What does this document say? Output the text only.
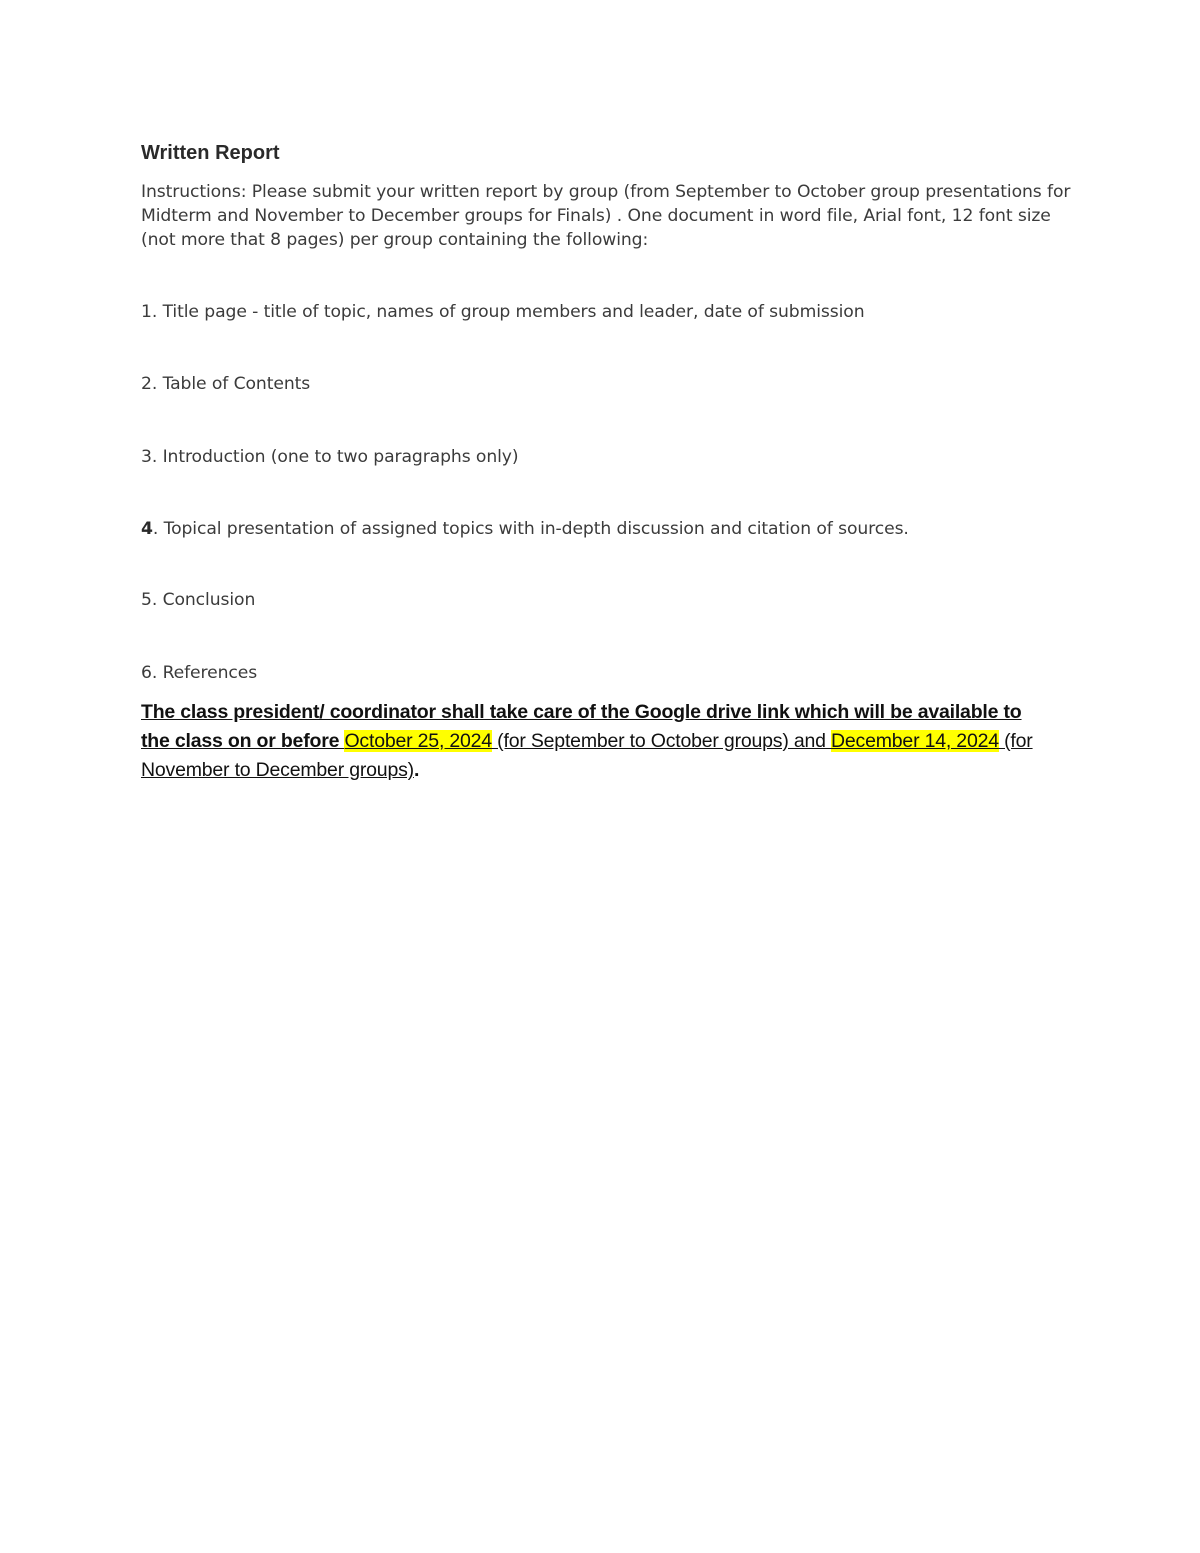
Written Report
Instructions: Please submit your written report by group (from September to October group presentations for Midterm and November to December groups for Finals) . One document in word file, Arial font, 12 font size (not more that 8 pages) per group containing the following:
1. Title page - title of topic, names of group members and leader, date of submission
2. Table of Contents
3. Introduction (one to two paragraphs only)
4. Topical presentation of assigned topics with in-depth discussion and citation of sources.
5. Conclusion
6. References
The class president/ coordinator shall take care of the Google drive link which will be available to the class on or before October 25, 2024 (for September to October groups) and December 14, 2024 (for November to December groups).
